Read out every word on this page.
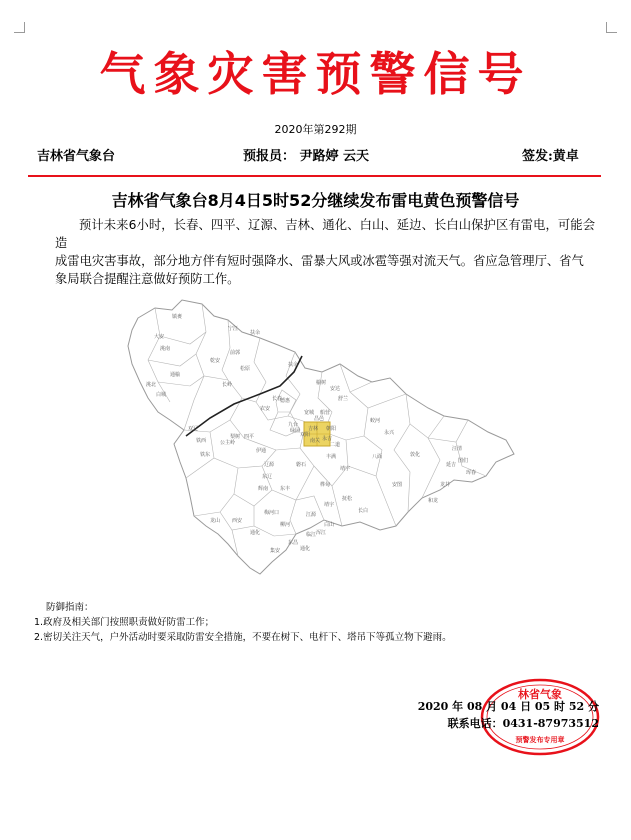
气象灾害预警信号
2020年第292期
吉林省气象台	预报员： 尹路婷 云天	签发:黄卓
吉林省气象台8月4日5时52分继续发布雷电黄色预警信号
预计未来6小时，长春、四平、辽源、吉林、通化、白山、延边、长白山保护区有雷电，可能会造
成雷电灾害事故，部分地方伴有短时强降水、雷暴大风或冰雹等强对流天气。省应急管理厅、省气
象局联合提醒注意做好预防工作。
镇赉
大安
洮南
通榆
乾安
前郭
松原
长岭
扶余
榆树
舒兰
德惠
农安
九台
长春
公主岭
梨树
双辽
四平
伊通
双阳
永吉
吉林
磐石
蛟河
敦化
安图
延吉
汪清
珲春
图们
龙井
和龙
辽源
东丰
东辽
梅河口
柳河
辉南
桦甸
靖宇
抚松
白山
临江
长白
集安
通化
江源
西安
龙山
丰满
昌邑
船营
宽城
朝阳
南关
二道
绿园
东昌
浑江
铁东
铁西
宁江
洮北
白城
扶余
安达
八面
永兴
靖宇
通化
防御指南：
1.政府及相关部门按照职责做好防雷工作；
2.密切关注天气，户外活动时要采取防雷安全措施，不要在树下、电杆下、塔吊下等孤立物下避雨。
林省气象
预警发布专用章
2020 年 08 月 04 日 05 时 52 分
联系电话：0431-87973512
